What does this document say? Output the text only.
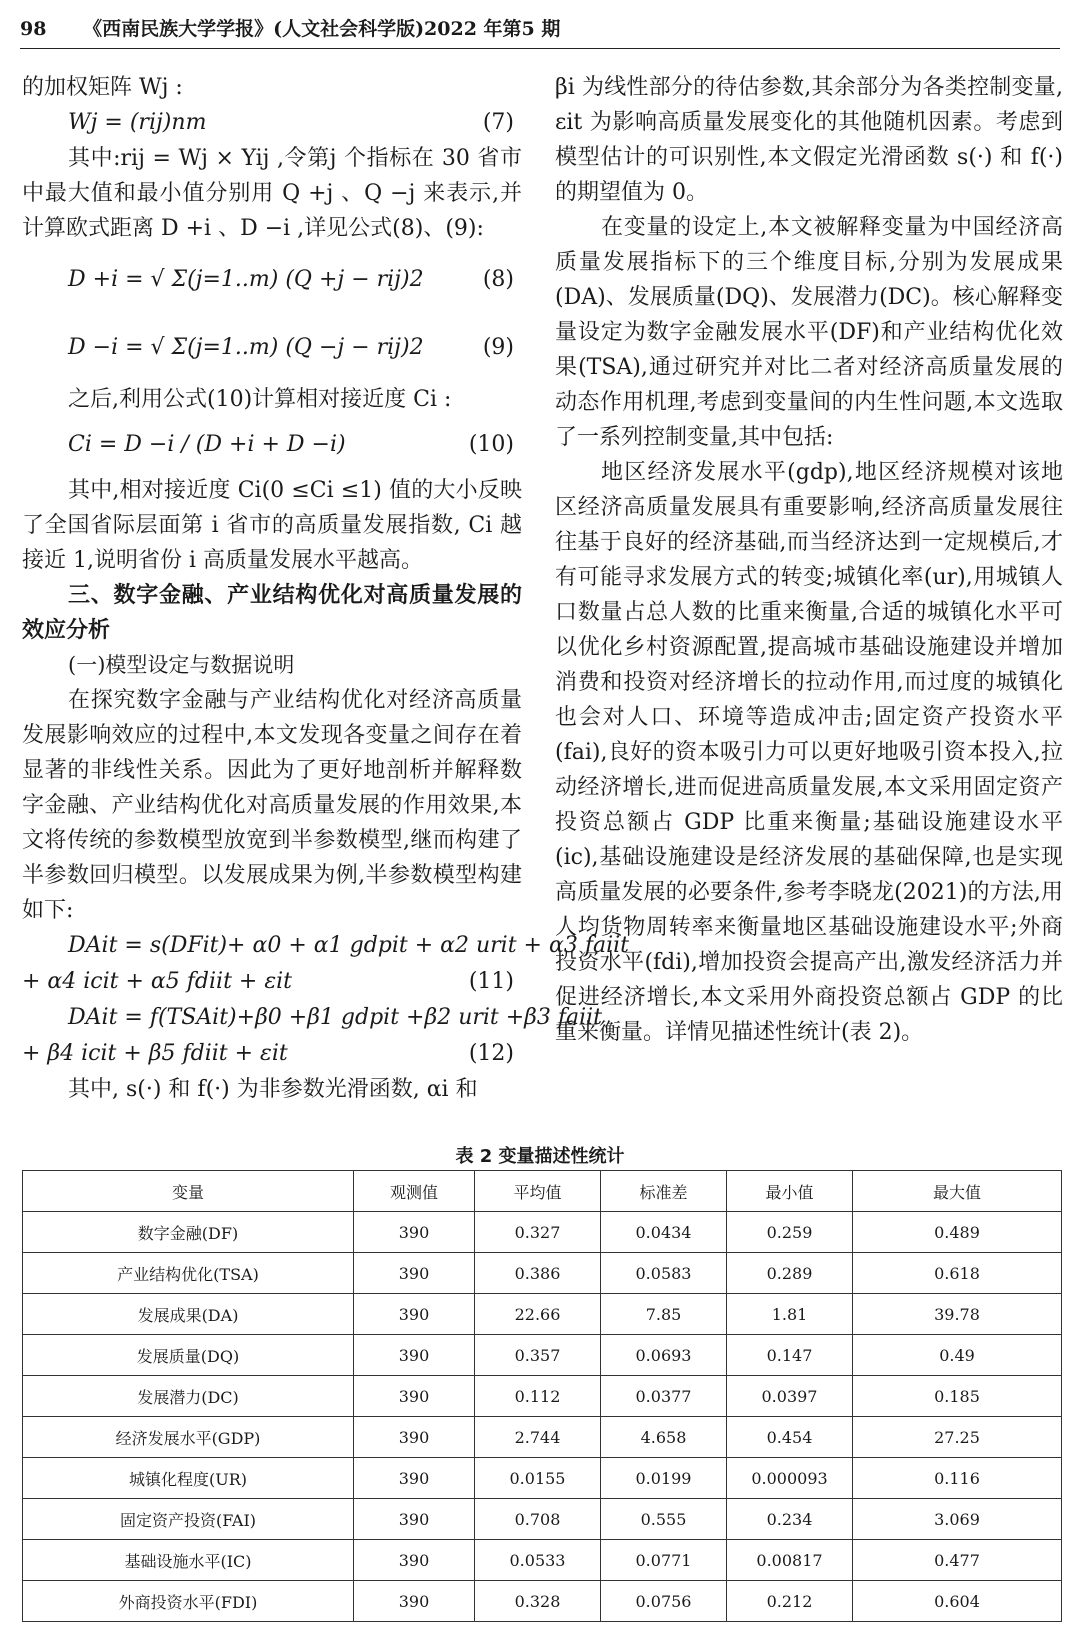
98 《西南民族大学学报》(人文社会科学版)2022 年第5 期

的加权矩阵 Wj :

Wj = (rij)nm	(7)

其中:rij = Wj × Yij ,令第j 个指标在 30 省市中最大值和最小值分别用 Q +j 、Q −j 来表示,并计算欧式距离 D +i 、D −i ,详见公式(8)、(9):

D +i = √ Σ(j=1..m) (Q +j − rij)2	(8)
D −i = √ Σ(j=1..m) (Q −j − rij)2	(9)

之后,利用公式(10)计算相对接近度 Ci :

Ci = D −i / (D +i + D −i)	(10)

其中,相对接近度 Ci(0 ≤Ci ≤1) 值的大小反映了全国省际层面第 i 省市的高质量发展指数, Ci 越接近 1,说明省份 i 高质量发展水平越高。

三、数字金融、产业结构优化对高质量发展的效应分析

(一)模型设定与数据说明

在探究数字金融与产业结构优化对经济高质量发展影响效应的过程中,本文发现各变量之间存在着显著的非线性关系。因此为了更好地剖析并解释数字金融、产业结构优化对高质量发展的作用效果,本文将传统的参数模型放宽到半参数模型,继而构建了半参数回归模型。以发展成果为例,半参数模型构建如下:

DAit = s(DFit)+ α0 + α1 gdpit + α2 urit + α3 faiit
+ α4 icit + α5 fdiit + εit	(11)
DAit = f(TSAit)+β0 +β1 gdpit +β2 urit +β3 faiit
+ β4 icit + β5 fdiit + εit	(12)

其中, s(·) 和 f(·) 为非参数光滑函数, αi 和

βi 为线性部分的待估参数,其余部分为各类控制变量, εit 为影响高质量发展变化的其他随机因素。考虑到模型估计的可识别性,本文假定光滑函数 s(·) 和 f(·) 的期望值为 0。

在变量的设定上,本文被解释变量为中国经济高质量发展指标下的三个维度目标,分别为发展成果(DA)、发展质量(DQ)、发展潜力(DC)。核心解释变量设定为数字金融发展水平(DF)和产业结构优化效果(TSA),通过研究并对比二者对经济高质量发展的动态作用机理,考虑到变量间的内生性问题,本文选取了一系列控制变量,其中包括:

地区经济发展水平(gdp),地区经济规模对该地区经济高质量发展具有重要影响,经济高质量发展往往基于良好的经济基础,而当经济达到一定规模后,才有可能寻求发展方式的转变;城镇化率(ur),用城镇人口数量占总人数的比重来衡量,合适的城镇化水平可以优化乡村资源配置,提高城市基础设施建设并增加消费和投资对经济增长的拉动作用,而过度的城镇化也会对人口、环境等造成冲击;固定资产投资水平(fai),良好的资本吸引力可以更好地吸引资本投入,拉动经济增长,进而促进高质量发展,本文采用固定资产投资总额占 GDP 比重来衡量;基础设施建设水平(ic),基础设施建设是经济发展的基础保障,也是实现高质量发展的必要条件,参考李晓龙(2021)的方法,用人均货物周转率来衡量地区基础设施建设水平;外商投资水平(fdi),增加投资会提高产出,激发经济活力并促进经济增长,本文采用外商投资总额占 GDP 的比重来衡量。详情见描述性统计(表 2)。

表 2 变量描述性统计
变量	观测值	平均值	标准差	最小值	最大值
数字金融(DF)	390	0.327	0.0434	0.259	0.489
产业结构优化(TSA)	390	0.386	0.0583	0.289	0.618
发展成果(DA)	390	22.66	7.85	1.81	39.78
发展质量(DQ)	390	0.357	0.0693	0.147	0.49
发展潜力(DC)	390	0.112	0.0377	0.0397	0.185
经济发展水平(GDP)	390	2.744	4.658	0.454	27.25
城镇化程度(UR)	390	0.0155	0.0199	0.000093	0.116
固定资产投资(FAI)	390	0.708	0.555	0.234	3.069
基础设施水平(IC)	390	0.0533	0.0771	0.00817	0.477
外商投资水平(FDI)	390	0.328	0.0756	0.212	0.604
